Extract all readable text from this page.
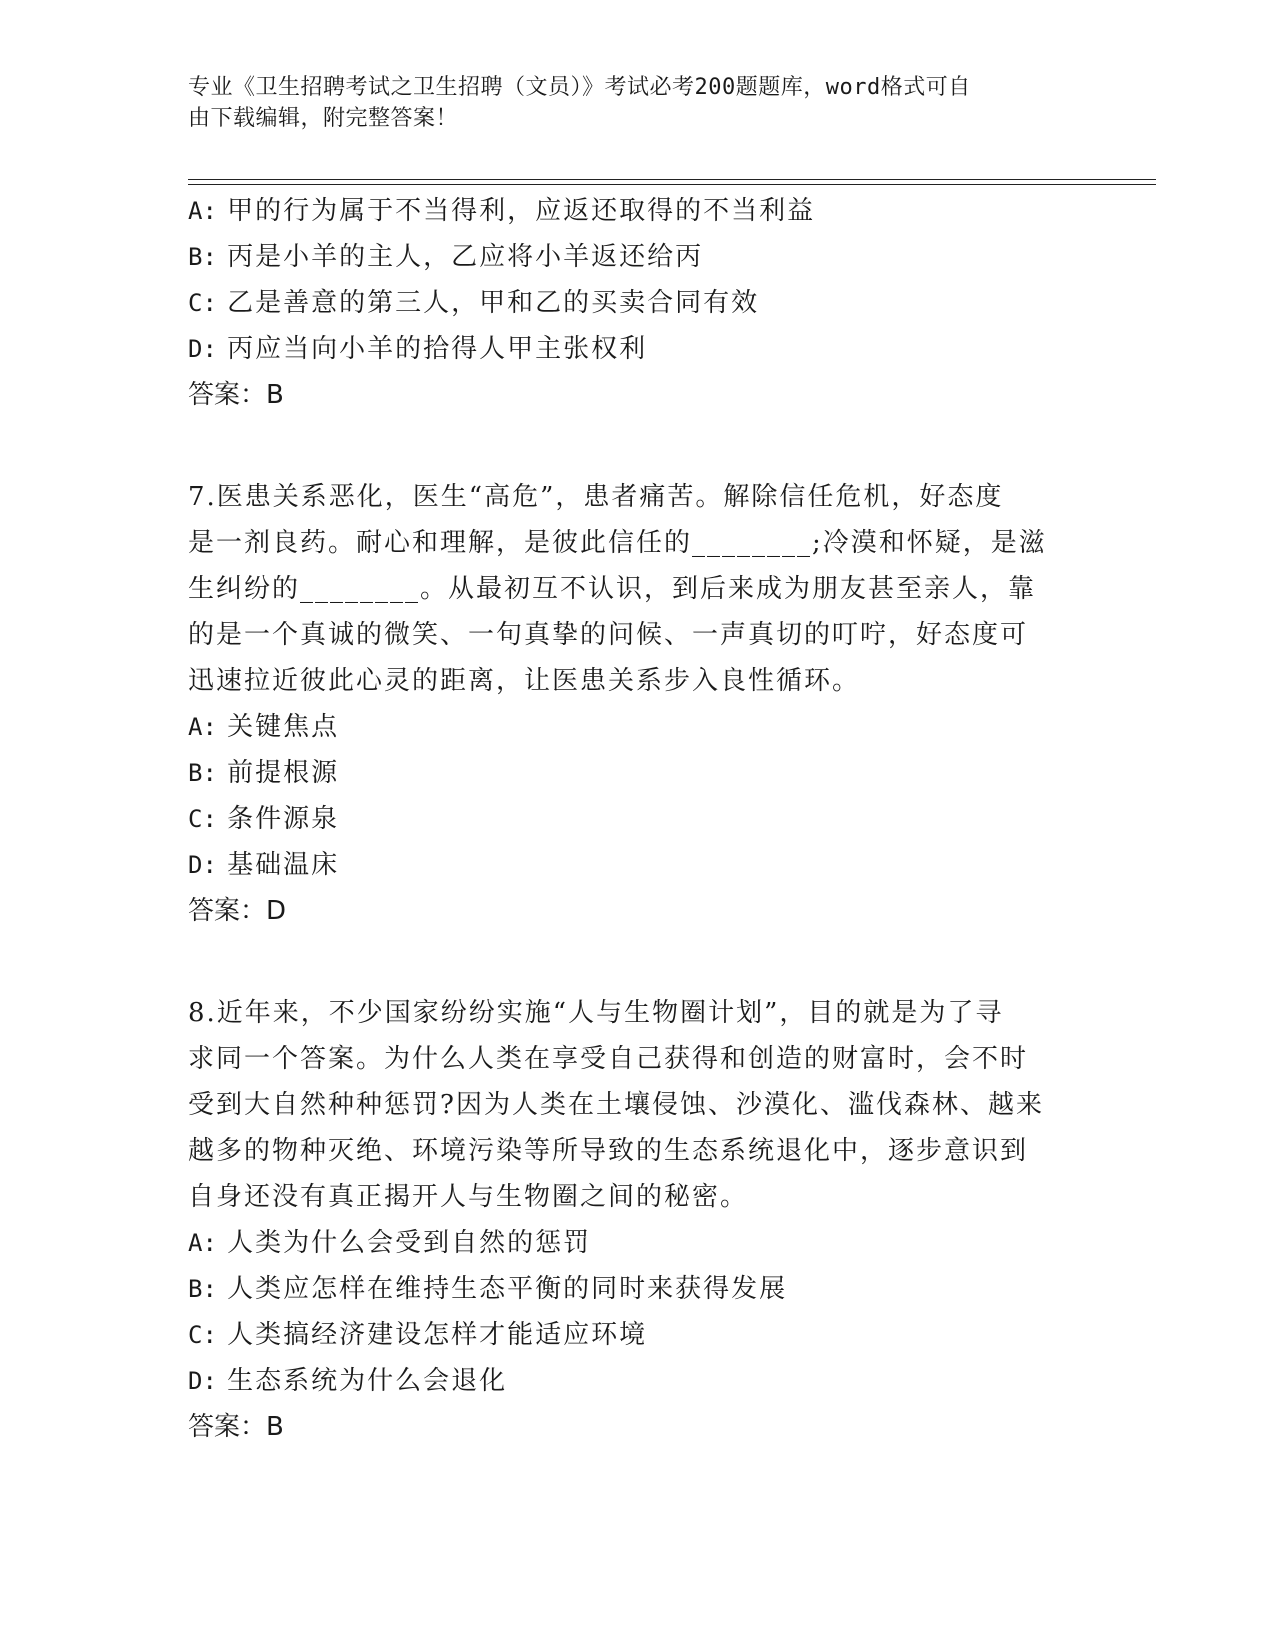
专业《卫生招聘考试之卫生招聘（文员）》考试必考200题题库，word格式可自
由下载编辑，附完整答案！
A: 甲的行为属于不当得利，应返还取得的不当利益
B: 丙是小羊的主人，乙应将小羊返还给丙
C: 乙是善意的第三人，甲和乙的买卖合同有效
D: 丙应当向小羊的拾得人甲主张权利
答案：B
7.医患关系恶化，医生“高危”，患者痛苦。解除信任危机，好态度
是一剂良药。耐心和理解，是彼此信任的________;冷漠和怀疑，是滋
生纠纷的________。从最初互不认识，到后来成为朋友甚至亲人，靠
的是一个真诚的微笑、一句真挚的问候、一声真切的叮咛，好态度可
迅速拉近彼此心灵的距离，让医患关系步入良性循环。
A: 关键焦点
B: 前提根源
C: 条件源泉
D: 基础温床
答案：D
8.近年来，不少国家纷纷实施“人与生物圈计划”，目的就是为了寻
求同一个答案。为什么人类在享受自己获得和创造的财富时，会不时
受到大自然种种惩罚?因为人类在土壤侵蚀、沙漠化、滥伐森林、越来
越多的物种灭绝、环境污染等所导致的生态系统退化中，逐步意识到
自身还没有真正揭开人与生物圈之间的秘密。
A: 人类为什么会受到自然的惩罚
B: 人类应怎样在维持生态平衡的同时来获得发展
C: 人类搞经济建设怎样才能适应环境
D: 生态系统为什么会退化
答案：B
